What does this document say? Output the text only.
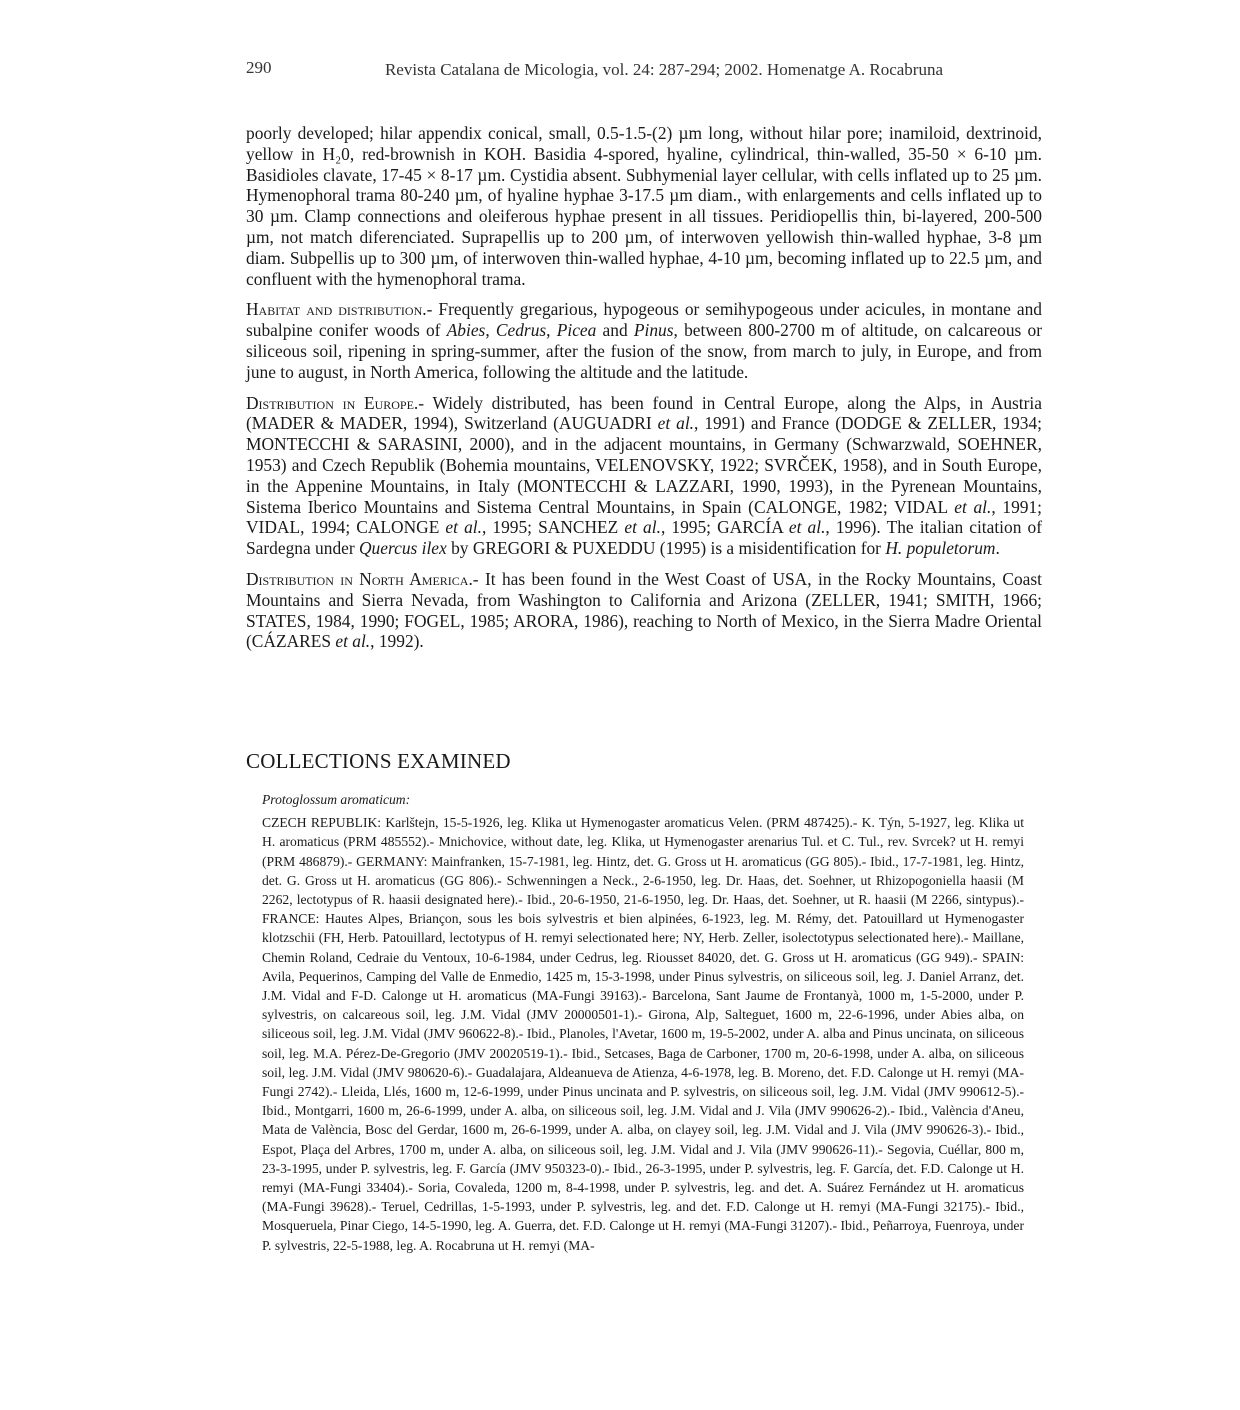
290	Revista Catalana de Micologia, vol. 24: 287-294; 2002. Homenatge A. Rocabruna

poorly developed; hilar appendix conical, small, 0.5-1.5-(2) µm long, without hilar pore; inamiloid, dextrinoid, yellow in H₂0, red-brownish in KOH. Basidia 4-spored, hyaline, cylindrical, thin-walled, 35-50 × 6-10 µm. Basidioles clavate, 17-45 × 8-17 µm. Cystidia absent. Subhymenial layer cellular, with cells inflated up to 25 µm. Hymenophoral trama 80-240 µm, of hyaline hyphae 3-17.5 µm diam., with enlargements and cells inflated up to 30 µm. Clamp connections and oleiferous hyphae present in all tissues. Peridiopellis thin, bi-layered, 200-500 µm, not match diferenciated. Suprapellis up to 200 µm, of interwoven yellowish thin-walled hyphae, 3-8 µm diam. Subpellis up to 300 µm, of interwoven thin-walled hyphae, 4-10 µm, becoming inflated up to 22.5 µm, and confluent with the hymenophoral trama.

Habitat and distribution.- Frequently gregarious, hypogeous or semihypogeous under acicules, in montane and subalpine conifer woods of Abies, Cedrus, Picea and Pinus, between 800-2700 m of altitude, on calcareous or siliceous soil, ripening in spring-summer, after the fusion of the snow, from march to july, in Europe, and from june to august, in North America, following the altitude and the latitude.

Distribution in Europe.- Widely distributed, has been found in Central Europe, along the Alps, in Austria (MADER & MADER, 1994), Switzerland (AUGUADRI et al., 1991) and France (DODGE & ZELLER, 1934; MONTECCHI & SARASINI, 2000), and in the adjacent mountains, in Germany (Schwarzwald, SOEHNER, 1953) and Czech Republik (Bohemia mountains, VELENOVSKY, 1922; SVRČEK, 1958), and in South Europe, in the Appenine Mountains, in Italy (MONTECCHI & LAZZARI, 1990, 1993), in the Pyrenean Mountains, Sistema Iberico Mountains and Sistema Central Mountains, in Spain (CALONGE, 1982; VIDAL et al., 1991; VIDAL, 1994; CALONGE et al., 1995; SANCHEZ et al., 1995; GARCÍA et al., 1996). The italian citation of Sardegna under Quercus ilex by GREGORI & PUXEDDU (1995) is a misidentification for H. populetorum.

Distribution in North America.- It has been found in the West Coast of USA, in the Rocky Mountains, Coast Mountains and Sierra Nevada, from Washington to California and Arizona (ZELLER, 1941; SMITH, 1966; STATES, 1984, 1990; FOGEL, 1985; ARORA, 1986), reaching to North of Mexico, in the Sierra Madre Oriental (CÁZARES et al., 1992).

COLLECTIONS EXAMINED

Protoglossum aromaticum:

CZECH REPUBLIK: Karlštejn, 15-5-1926, leg. Klika ut Hymenogaster aromaticus Velen. (PRM 487425).- K. Týn, 5-1927, leg. Klika ut H. aromaticus (PRM 485552).- Mnichovice, without date, leg. Klika, ut Hymenogaster arenarius Tul. et C. Tul., rev. Svrcek? ut H. remyi (PRM 486879).- GERMANY: Mainfranken, 15-7-1981, leg. Hintz, det. G. Gross ut H. aromaticus (GG 805).- Ibid., 17-7-1981, leg. Hintz, det. G. Gross ut H. aromaticus (GG 806).- Schwenningen a Neck., 2-6-1950, leg. Dr. Haas, det. Soehner, ut Rhizopogoniella haasii (M 2262, lectotypus of R. haasii designated here).- Ibid., 20-6-1950, 21-6-1950, leg. Dr. Haas, det. Soehner, ut R. haasii (M 2266, sintypus).- FRANCE: Hautes Alpes, Briançon, sous les bois sylvestris et bien alpinées, 6-1923, leg. M. Rémy, det. Patouillard ut Hymenogaster klotzschii (FH, Herb. Patouillard, lectotypus of H. remyi selectionated here; NY, Herb. Zeller, isolectotypus selectionated here).- Maillane, Chemin Roland, Cedraie du Ventoux, 10-6-1984, under Cedrus, leg. Riousset 84020, det. G. Gross ut H. aromaticus (GG 949).- SPAIN: Avila, Pequerinos, Camping del Valle de Enmedio, 1425 m, 15-3-1998, under Pinus sylvestris, on siliceous soil, leg. J. Daniel Arranz, det. J.M. Vidal and F-D. Calonge ut H. aromaticus (MA-Fungi 39163).- Barcelona, Sant Jaume de Frontanyà, 1000 m, 1-5-2000, under P. sylvestris, on calcareous soil, leg. J.M. Vidal (JMV 20000501-1).- Girona, Alp, Salteguet, 1600 m, 22-6-1996, under Abies alba, on siliceous soil, leg. J.M. Vidal (JMV 960622-8).- Ibid., Planoles, l'Avetar, 1600 m, 19-5-2002, under A. alba and Pinus uncinata, on siliceous soil, leg. M.A. Pérez-De-Gregorio (JMV 20020519-1).- Ibid., Setcases, Baga de Carboner, 1700 m, 20-6-1998, under A. alba, on siliceous soil, leg. J.M. Vidal (JMV 980620-6).- Guadalajara, Aldeanueva de Atienza, 4-6-1978, leg. B. Moreno, det. F.D. Calonge ut H. remyi (MA-Fungi 2742).- Lleida, Llés, 1600 m, 12-6-1999, under Pinus uncinata and P. sylvestris, on siliceous soil, leg. J.M. Vidal (JMV 990612-5).- Ibid., Montgarri, 1600 m, 26-6-1999, under A. alba, on siliceous soil, leg. J.M. Vidal and J. Vila (JMV 990626-2).- Ibid., València d'Aneu, Mata de València, Bosc del Gerdar, 1600 m, 26-6-1999, under A. alba, on clayey soil, leg. J.M. Vidal and J. Vila (JMV 990626-3).- Ibid., Espot, Plaça del Arbres, 1700 m, under A. alba, on siliceous soil, leg. J.M. Vidal and J. Vila (JMV 990626-11).- Segovia, Cuéllar, 800 m, 23-3-1995, under P. sylvestris, leg. F. García (JMV 950323-0).- Ibid., 26-3-1995, under P. sylvestris, leg. F. García, det. F.D. Calonge ut H. remyi (MA-Fungi 33404).- Soria, Covaleda, 1200 m, 8-4-1998, under P. sylvestris, leg. and det. A. Suárez Fernández ut H. aromaticus (MA-Fungi 39628).- Teruel, Cedrillas, 1-5-1993, under P. sylvestris, leg. and det. F.D. Calonge ut H. remyi (MA-Fungi 32175).- Ibid., Mosqueruela, Pinar Ciego, 14-5-1990, leg. A. Guerra, det. F.D. Calonge ut H. remyi (MA-Fungi 31207).- Ibid., Peñarroya, Fuenroya, under P. sylvestris, 22-5-1988, leg. A. Rocabruna ut H. remyi (MA-
